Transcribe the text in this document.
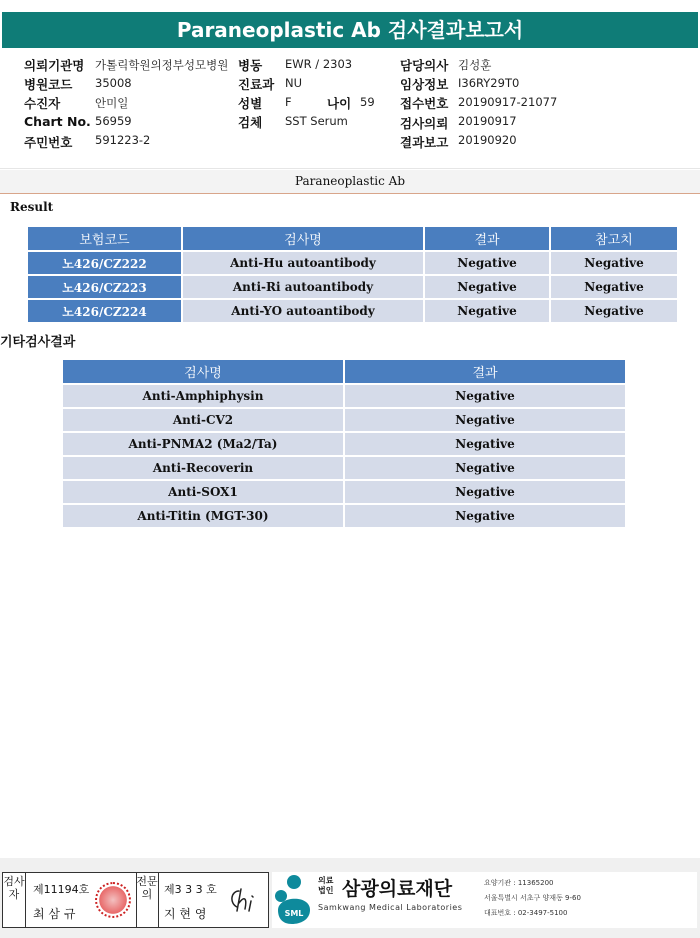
Paraneoplastic Ab 검사결과보고서
의뢰기관명 가톨릭학원의정부성모병원 병동 EWR / 2303	담당의사 김성훈
병원코드 35008	진료과 NU	임상정보 I36RY29T0
수진자	안미일	성별 F	나이 59 접수번호 20190917-21077
Chart No. 56959	검체 SST Serum	검사의뢰 20190917
주민번호 591223-2	결과보고 20190920
Paraneoplastic Ab
Result
보험코드	검사명	결과	참고치
노426/CZ222	Anti-Hu autoantibody	Negative	Negative
노426/CZ223	Anti-Ri autoantibody	Negative	Negative
노426/CZ224	Anti-YO autoantibody	Negative	Negative
기타검사결과
검사명	결과
Anti-Amphiphysin	Negative
Anti-CV2	Negative
Anti-PNMA2 (Ma2/Ta)	Negative
Anti-Recoverin	Negative
Anti-SOX1	Negative
Anti-Titin (MGT-30)	Negative
검사자	제11194호
최 삼 규
전문의	제3 3 3 호
지 현 영	SML
의료법인 삼광의료재단
Samkwang Medical Laboratories
요양기관 : 11365200
서울특별시 서초구 양재동 9-60
대표번호 : 02-3497-5100
